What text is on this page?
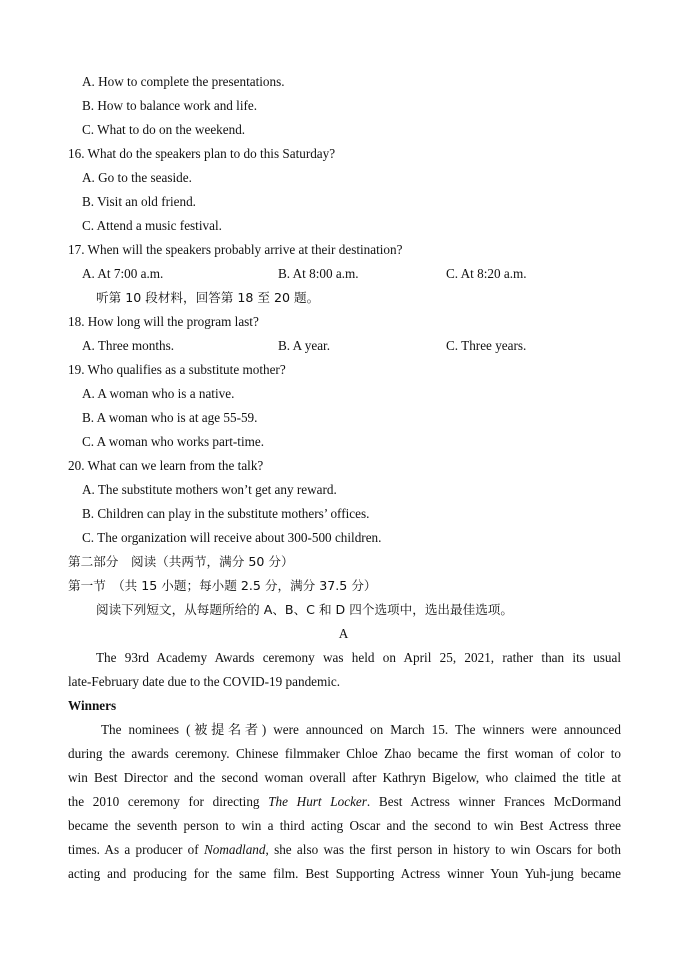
A. How to complete the presentations.
B. How to balance work and life.
C. What to do on the weekend.
16. What do the speakers plan to do this Saturday?
A. Go to the seaside.
B. Visit an old friend.
C. Attend a music festival.
17. When will the speakers probably arrive at their destination?
A. At 7:00 a.m.	B. At 8:00 a.m.	C. At 8:20 a.m.
听第 10 段材料，回答第 18 至 20 题。
18. How long will the program last?
A. Three months.	B. A year.	C. Three years.
19. Who qualifies as a substitute mother?
A. A woman who is a native.
B. A woman who is at age 55-59.
C. A woman who works part-time.
20. What can we learn from the talk?
A. The substitute mothers won’t get any reward.
B. Children can play in the substitute mothers’ offices.
C. The organization will receive about 300-500 children.
第二部分　阅读（共两节，满分 50 分）
第一节　（共 15 小题；每小题 2.5 分，满分 37.5 分）
阅读下列短文，从每题所给的 A、B、C 和 D 四个选项中，选出最佳选项。
A
The 93rd Academy Awards ceremony was held on April 25, 2021, rather than its usual
late-February date due to the COVID-19 pandemic.
Winners
The nominees (被提名者) were announced on March 15. The winners were announced
during the awards ceremony. Chinese filmmaker Chloe Zhao became the first woman of color to
win Best Director and the second woman overall after Kathryn Bigelow, who claimed the title at
the 2010 ceremony for directing The Hurt Locker. Best Actress winner Frances McDormand
became the seventh person to win a third acting Oscar and the second to win Best Actress three
times. As a producer of Nomadland, she also was the first person in history to win Oscars for both
acting and producing for the same film. Best Supporting Actress winner Youn Yuh-jung became
